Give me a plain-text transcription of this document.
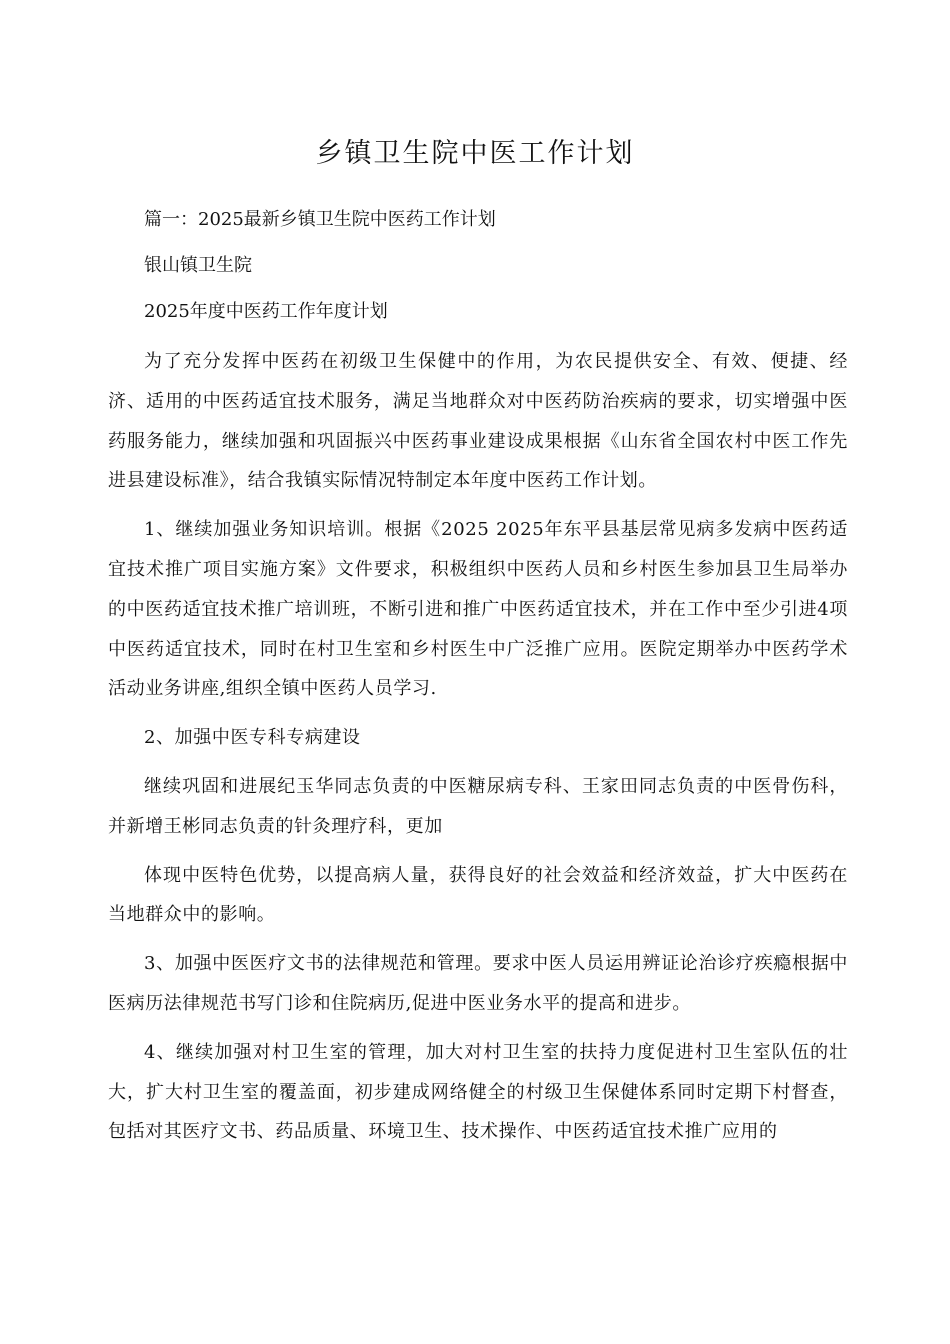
乡镇卫生院中医工作计划

篇一：2025最新乡镇卫生院中医药工作计划

银山镇卫生院

2025年度中医药工作年度计划

为了充分发挥中医药在初级卫生保健中的作用，为农民提供安全、有效、便捷、经济、适用的中医药适宜技术服务，满足当地群众对中医药防治疾病的要求，切实增强中医药服务能力，继续加强和巩固振兴中医药事业建设成果根据《山东省全国农村中医工作先进县建设标准》，结合我镇实际情况特制定本年度中医药工作计划。

1、继续加强业务知识培训。根据《2025 2025年东平县基层常见病多发病中医药适宜技术推广项目实施方案》文件要求，积极组织中医药人员和乡村医生参加县卫生局举办的中医药适宜技术推广培训班，不断引进和推广中医药适宜技术，并在工作中至少引进4项中医药适宜技术，同时在村卫生室和乡村医生中广泛推广应用。医院定期举办中医药学术活动业务讲座,组织全镇中医药人员学习.

2、加强中医专科专病建设

继续巩固和进展纪玉华同志负责的中医糖尿病专科、王家田同志负责的中医骨伤科，并新增王彬同志负责的针灸理疗科，更加

体现中医特色优势，以提高病人量，获得良好的社会效益和经济效益，扩大中医药在当地群众中的影响。

3、加强中医医疗文书的法律规范和管理。要求中医人员运用辨证论治诊疗疾瘾根据中医病历法律规范书写门诊和住院病历,促进中医业务水平的提高和进步。

4、继续加强对村卫生室的管理，加大对村卫生室的扶持力度促进村卫生室队伍的壮大，扩大村卫生室的覆盖面，初步建成网络健全的村级卫生保健体系同时定期下村督查，包括对其医疗文书、药品质量、环境卫生、技术操作、中医药适宜技术推广应用的
